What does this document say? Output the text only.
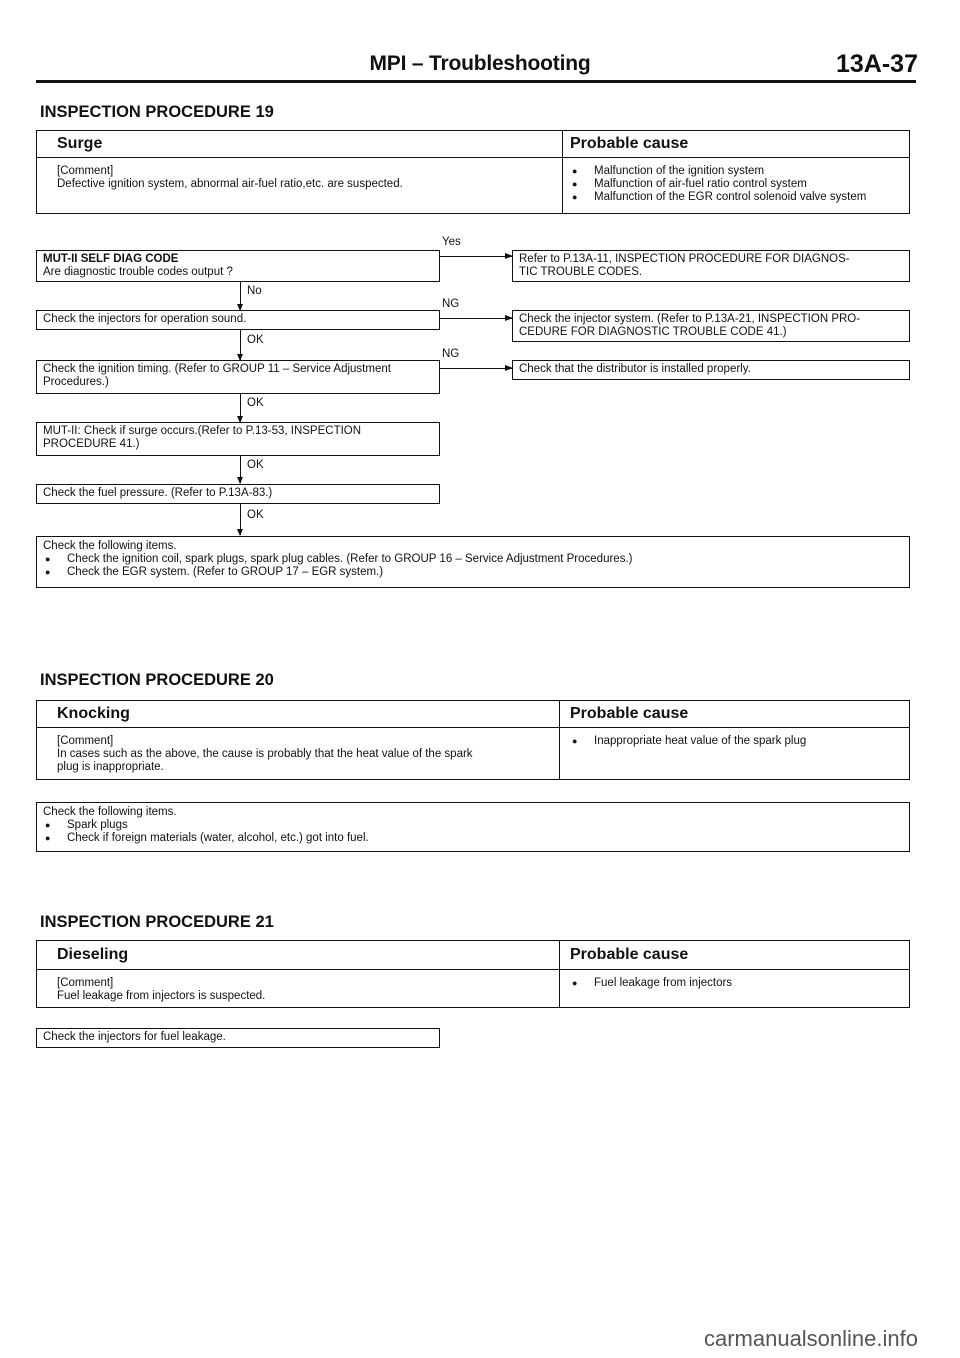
MPI – Troubleshooting	13A-37
INSPECTION PROCEDURE 19
Surge	Probable cause
[Comment]
Defective ignition system, abnormal air-fuel ratio,etc. are suspected.
● Malfunction of the ignition system
● Malfunction of air-fuel ratio control system
● Malfunction of the EGR control solenoid valve system
MUT-II SELF DIAG CODE
Are diagnostic trouble codes output ?
Yes
Refer to P.13A-11, INSPECTION PROCEDURE FOR DIAGNOS-
TIC TROUBLE CODES.
No
Check the injectors for operation sound.
NG
Check the injector system. (Refer to P.13A-21, INSPECTION PRO-
CEDURE FOR DIAGNOSTIC TROUBLE CODE 41.)
OK
Check the ignition timing. (Refer to GROUP 11 – Service Adjustment
Procedures.)
NG
Check that the distributor is installed properly.
OK
MUT-II: Check if surge occurs.(Refer to P.13-53, INSPECTION
PROCEDURE 41.)
OK
Check the fuel pressure. (Refer to P.13A-83.)
OK
Check the following items.
● Check the ignition coil, spark plugs, spark plug cables. (Refer to GROUP 16 – Service Adjustment Procedures.)
● Check the EGR system. (Refer to GROUP 17 – EGR system.)
INSPECTION PROCEDURE 20
Knocking	Probable cause
[Comment]
In cases such as the above, the cause is probably that the heat value of the spark
plug is inappropriate.
● Inappropriate heat value of the spark plug
Check the following items.
● Spark plugs
● Check if foreign materials (water, alcohol, etc.) got into fuel.
INSPECTION PROCEDURE 21
Dieseling	Probable cause
[Comment]
Fuel leakage from injectors is suspected.
● Fuel leakage from injectors
Check the injectors for fuel leakage.
carmanualsonline.info
